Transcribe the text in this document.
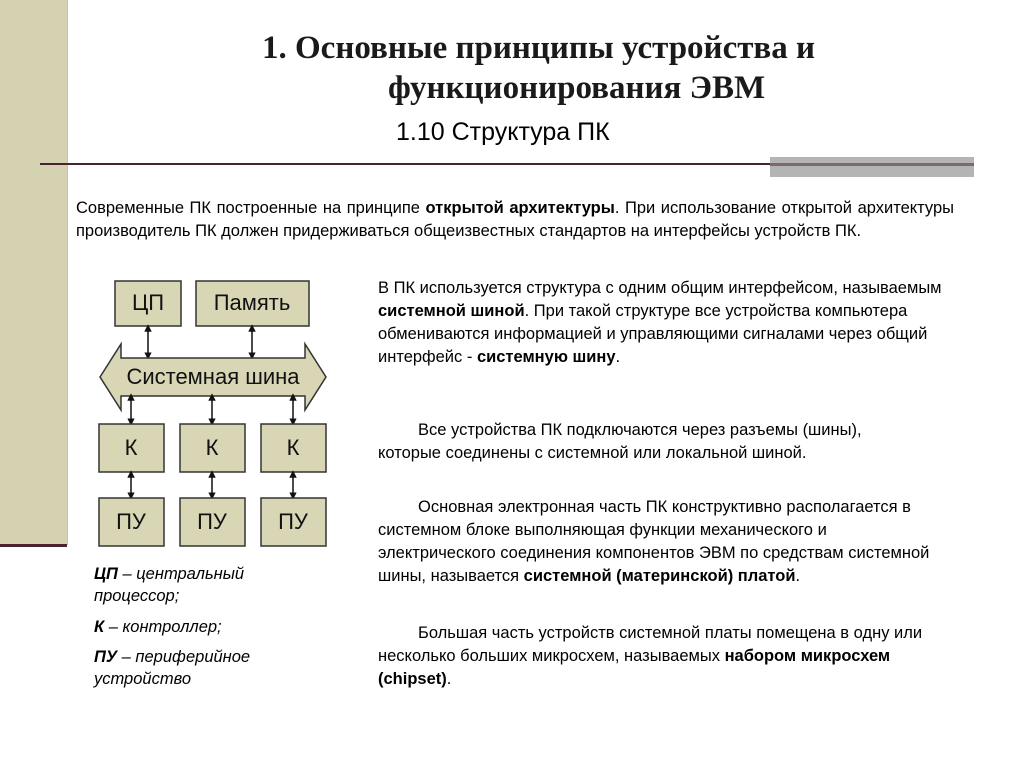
1. Основные принципы устройства и
функционирования ЭВМ
1.10 Структура ПК
Современные ПК построенные на принципе открытой архитектуры. При использование открытой архитектуры производитель ПК должен придерживаться общеизвестных стандартов на интерфейсы устройств ПК.
ЦП Память
Системная шина
К	К	К
ПУ ПУ ПУ
В ПК используется структура с одним общим интерфейсом, называемым системной шиной. При такой структуре все устройства компьютера обмениваются информацией и управляющими сигналами через общий интерфейс - системную шину.
Все устройства ПК подключаются через разъемы (шины), которые соединены с системной или локальной шиной.
Основная электронная часть ПК конструктивно располагается в системном блоке выполняющая функции механического и электрического соединения компонентов ЭВМ по средствам системной шины, называется системной (материнской) платой.
Большая часть устройств системной платы помещена в одну или несколько больших микросхем, называемых набором микросхем (chipset).
ЦП – центральный процессор;
К – контроллер;
ПУ – периферийное устройство
